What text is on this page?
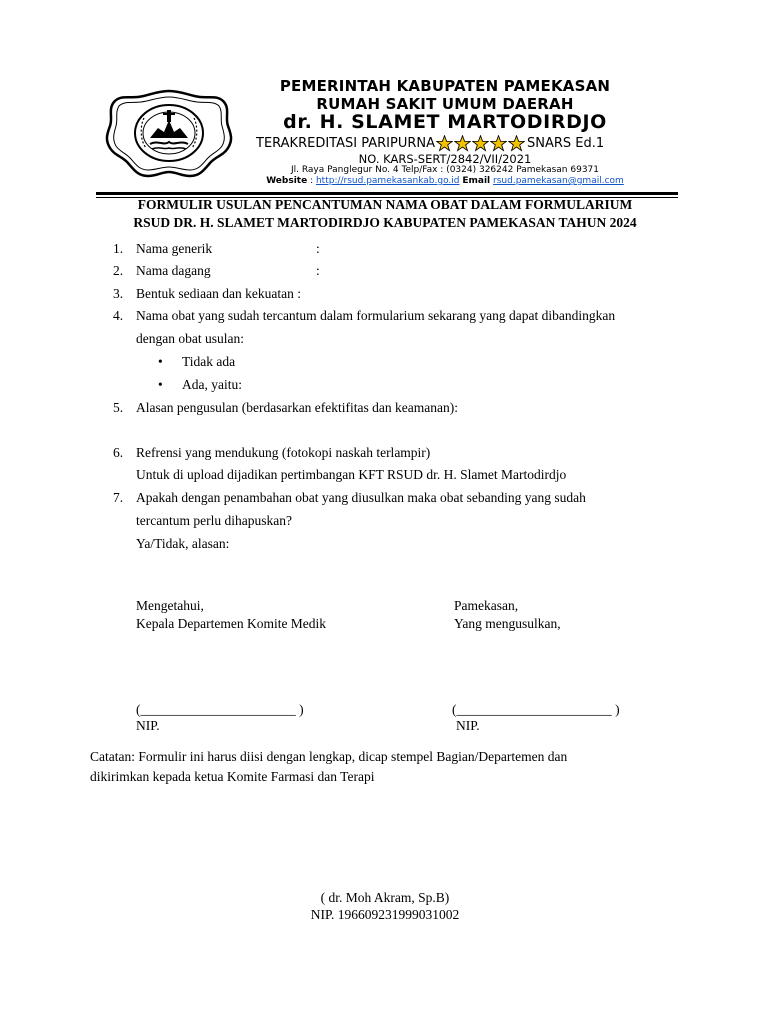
PEMERINTAH KABUPATEN PAMEKASAN
RUMAH SAKIT UMUM DAERAH
dr. H. SLAMET MARTODIRDJO
TERAKREDITASI PARIPURNA	SNARS Ed.1
NO. KARS-SERT/2842/VII/2021
Jl. Raya Panglegur No. 4 Telp/Fax : (0324) 326242 Pamekasan 69371
Website : http://rsud.pamekasankab.go.id Email rsud.pamekasan@gmail.com
FORMULIR USULAN PENCANTUMAN NAMA OBAT DALAM FORMULARIUM
RSUD DR. H. SLAMET MARTODIRDJO KABUPATEN PAMEKASAN TAHUN 2024
1. Nama generik	:
2. Nama dagang	:
3. Bentuk sediaan dan kekuatan :
4. Nama obat yang sudah tercantum dalam formularium sekarang yang dapat dibandingkan
dengan obat usulan:
•	Tidak ada
•	Ada, yaitu:
5. Alasan pengusulan (berdasarkan efektifitas dan keamanan):
6. Refrensi yang mendukung (fotokopi naskah terlampir)
Untuk di upload dijadikan pertimbangan KFT RSUD dr. H. Slamet Martodirdjo
7. Apakah dengan penambahan obat yang diusulkan maka obat sebanding yang sudah
tercantum perlu dihapuskan?
Ya/Tidak, alasan:
Mengetahui,
Kepala Departemen Komite Medik
Pamekasan,
Yang mengusulkan,
(_______________________ )
NIP.
(_______________________ )
NIP.
Catatan: Formulir ini harus diisi dengan lengkap, dicap stempel Bagian/Departemen dan
dikirimkan kepada ketua Komite Farmasi dan Terapi
( dr. Moh Akram, Sp.B)
NIP. 196609231999031002
